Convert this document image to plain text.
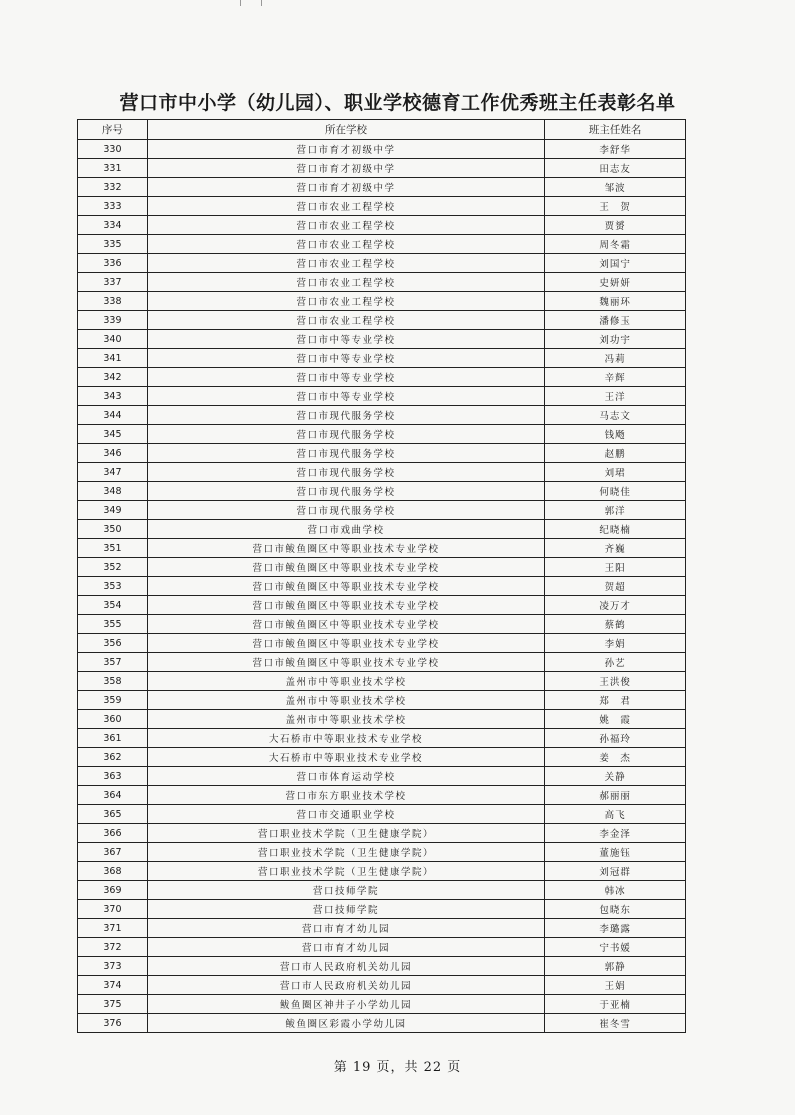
营口市中小学（幼儿园）、职业学校德育工作优秀班主任表彰名单
序号	所在学校	班主任姓名
330	营口市育才初级中学	李舒华
331	营口市育才初级中学	田志友
332	营口市育才初级中学	邹波
333	营口市农业工程学校	王　贺
334	营口市农业工程学校	贾赟
335	营口市农业工程学校	周冬霜
336	营口市农业工程学校	刘国宁
337	营口市农业工程学校	史妍妍
338	营口市农业工程学校	魏丽环
339	营口市农业工程学校	潘修玉
340	营口市中等专业学校	刘功宇
341	营口市中等专业学校	冯莉
342	营口市中等专业学校	辛辉
343	营口市中等专业学校	王洋
344	营口市现代服务学校	马志文
345	营口市现代服务学校	钱飏
346	营口市现代服务学校	赵鹏
347	营口市现代服务学校	刘珺
348	营口市现代服务学校	何晓佳
349	营口市现代服务学校	郭洋
350	营口市戏曲学校	纪晓楠
351	营口市鲅鱼圈区中等职业技术专业学校	齐巍
352	营口市鲅鱼圈区中等职业技术专业学校	王阳
353	营口市鲅鱼圈区中等职业技术专业学校	贺超
354	营口市鲅鱼圈区中等职业技术专业学校	凌万才
355	营口市鲅鱼圈区中等职业技术专业学校	蔡鹤
356	营口市鲅鱼圈区中等职业技术专业学校	李娟
357	营口市鲅鱼圈区中等职业技术专业学校	孙艺
358	盖州市中等职业技术学校	王洪俊
359	盖州市中等职业技术学校	郑　君
360	盖州市中等职业技术学校	姚　霞
361	大石桥市中等职业技术专业学校	孙福玲
362	大石桥市中等职业技术专业学校	姜　杰
363	营口市体育运动学校	关静
364	营口市东方职业技术学校	郝丽丽
365	营口市交通职业学校	高飞
366	营口职业技术学院（卫生健康学院）	李金泽
367	营口职业技术学院（卫生健康学院）	董施钰
368	营口职业技术学院（卫生健康学院）	刘冠群
369	营口技师学院	韩冰
370	营口技师学院	包晓东
371	营口市育才幼儿园	李璐露
372	营口市育才幼儿园	宁书媛
373	营口市人民政府机关幼儿园	郭静
374	营口市人民政府机关幼儿园	王娟
375	鲅鱼圈区神井子小学幼儿园	于亚楠
376	鲅鱼圈区彩霞小学幼儿园	崔冬雪
第 19 页，共 22 页
